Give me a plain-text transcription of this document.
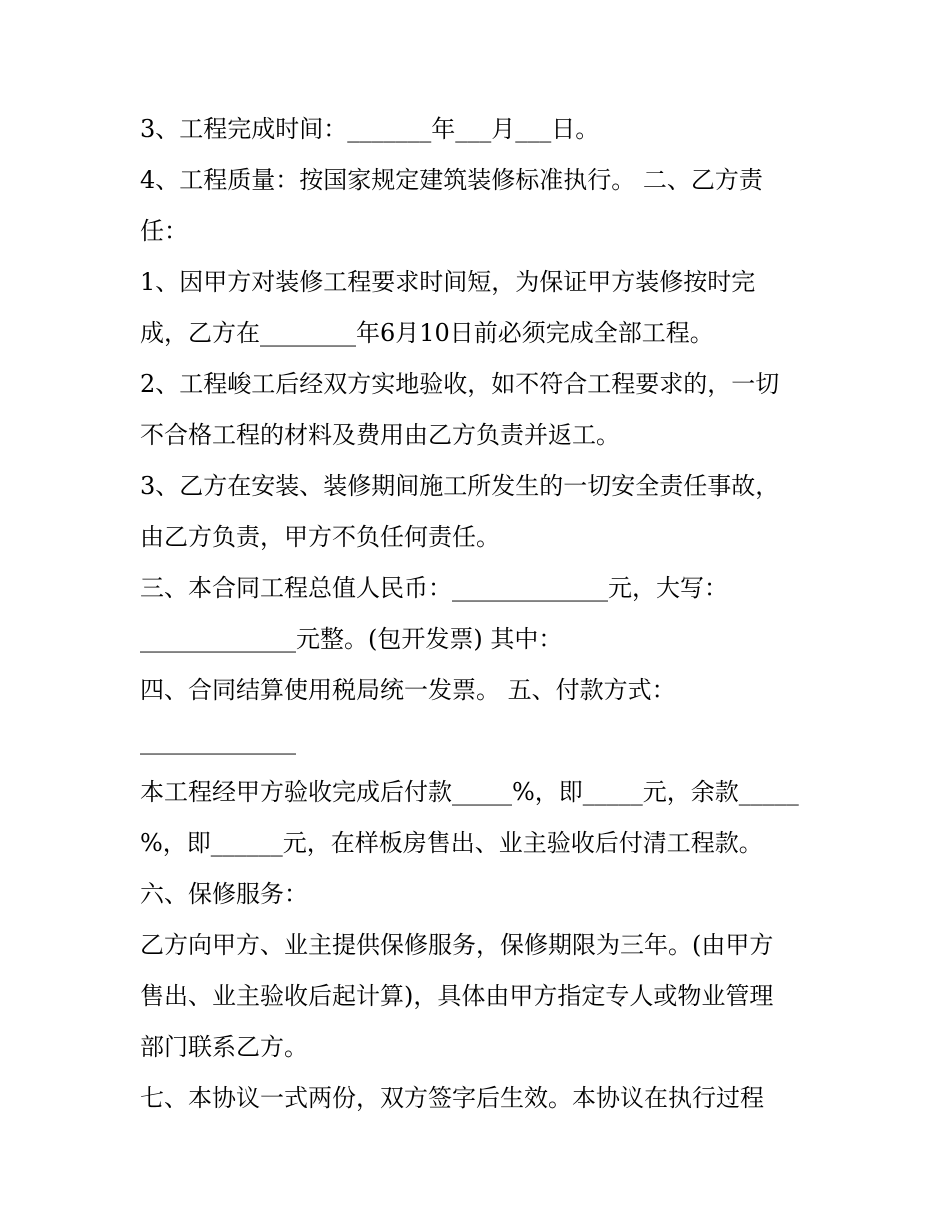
3、工程完成时间：_______年___月___日。
4、工程质量：按国家规定建筑装修标准执行。 二、乙方责
任：
1、因甲方对装修工程要求时间短，为保证甲方装修按时完
成，乙方在________年6月10日前必须完成全部工程。
2、工程峻工后经双方实地验收，如不符合工程要求的，一切
不合格工程的材料及费用由乙方负责并返工。
3、乙方在安装、装修期间施工所发生的一切安全责任事故，
由乙方负责，甲方不负任何责任。
三、本合同工程总值人民币：_____________元，大写：
_____________元整。(包开发票) 其中：
四、合同结算使用税局统一发票。 五、付款方式：
_____________
本工程经甲方验收完成后付款_____%，即_____元，余款_____
%，即______元，在样板房售出、业主验收后付清工程款。
六、保修服务：
乙方向甲方、业主提供保修服务，保修期限为三年。(由甲方
售出、业主验收后起计算)，具体由甲方指定专人或物业管理
部门联系乙方。
七、本协议一式两份，双方签字后生效。本协议在执行过程
